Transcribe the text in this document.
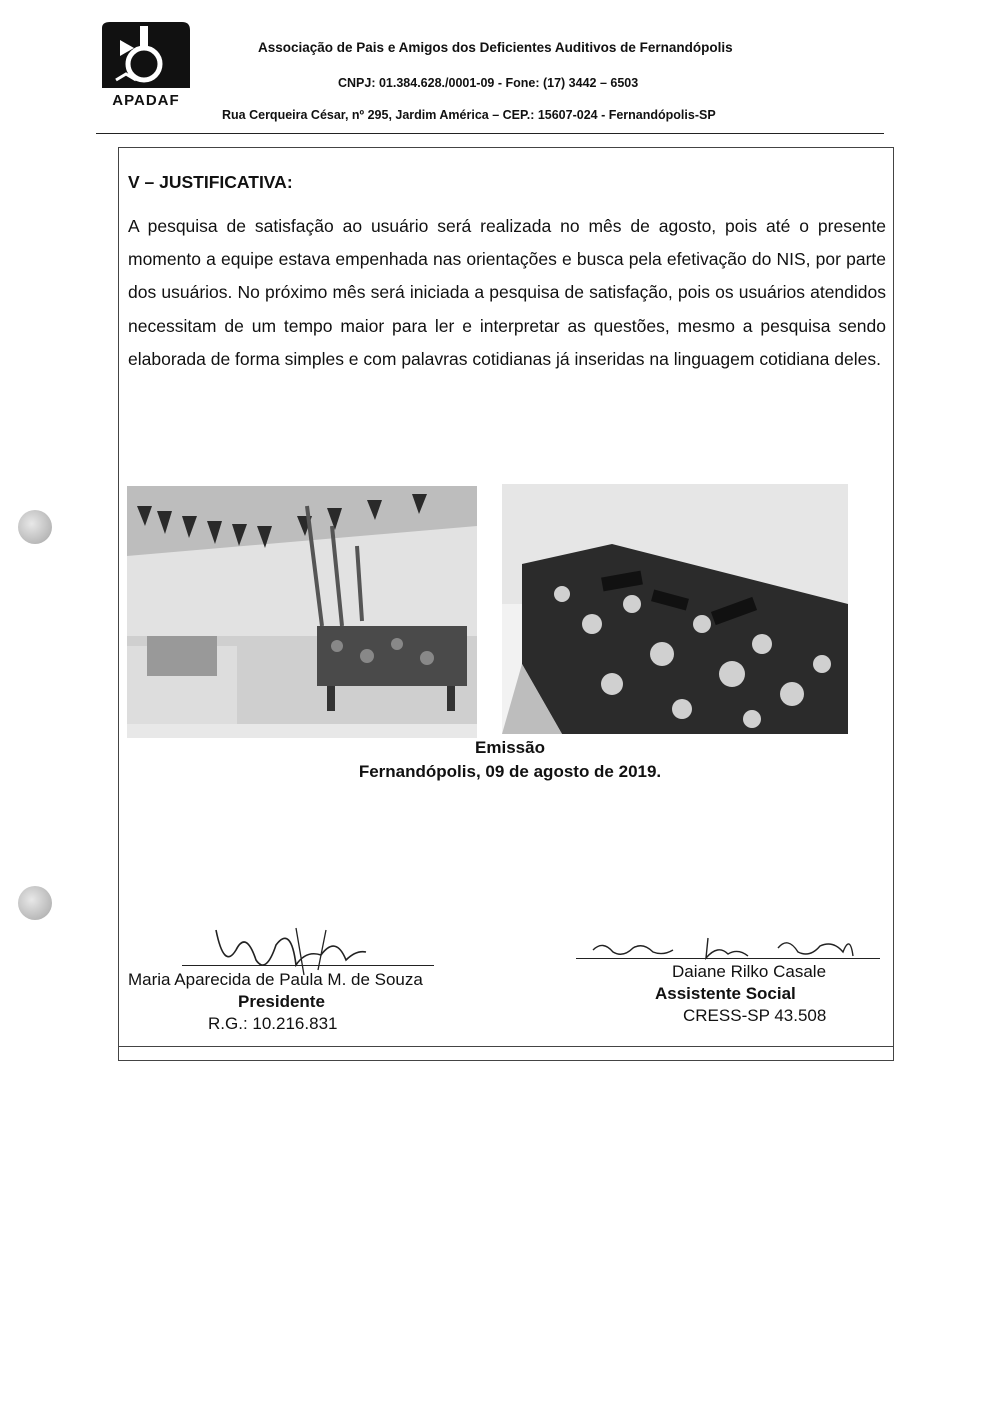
APADAF
Associação de Pais e Amigos dos Deficientes Auditivos de Fernandópolis
CNPJ: 01.384.628./0001-09 - Fone: (17) 3442 – 6503
Rua Cerqueira César, nº 295, Jardim América – CEP.: 15607-024 - Fernandópolis-SP
V – JUSTIFICATIVA:
A pesquisa de satisfação ao usuário será realizada no mês de agosto, pois até o presente momento a equipe estava empenhada nas orientações e busca pela efetivação do NIS, por parte dos usuários. No próximo mês será iniciada a pesquisa de satisfação, pois os usuários atendidos necessitam de um tempo maior para ler e interpretar as questões, mesmo a pesquisa sendo elaborada de forma simples e com palavras cotidianas já inseridas na linguagem cotidiana deles.
Emissão
Fernandópolis, 09 de agosto de 2019.
Maria Aparecida de Paula M. de Souza
Presidente
R.G.: 10.216.831
Daiane Rilko Casale
Assistente Social
CRESS-SP 43.508
